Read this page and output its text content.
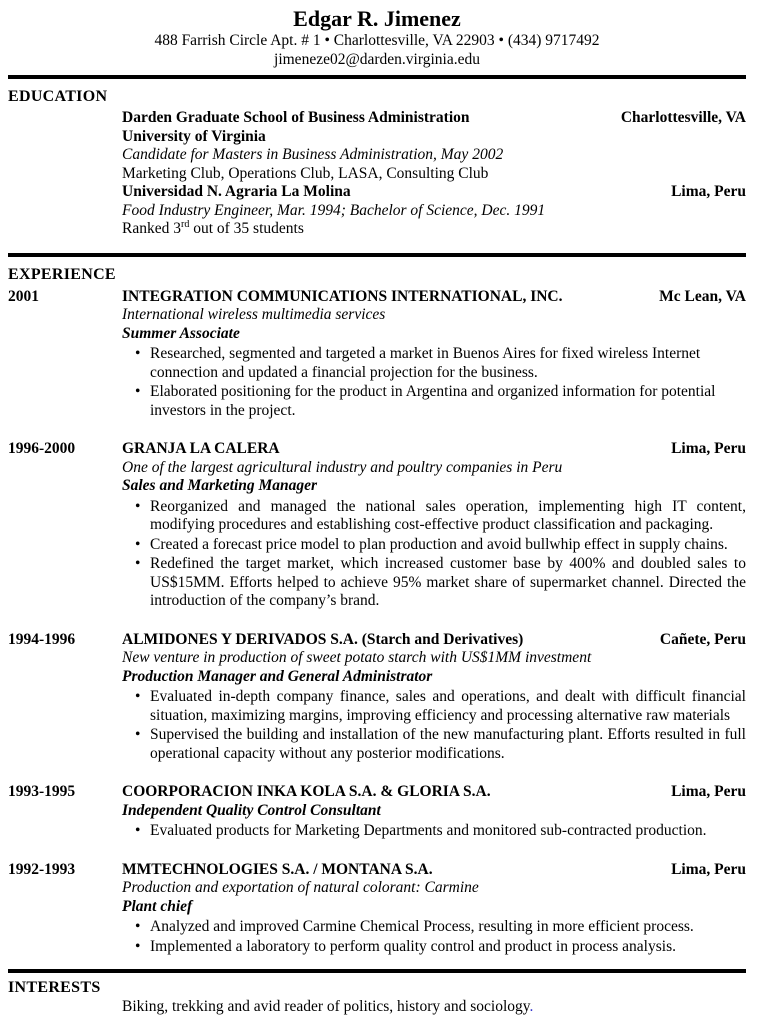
Edgar R. Jimenez
488 Farrish Circle Apt. # 1 • Charlottesville, VA 22903 • (434) 9717492
jimeneze02@darden.virginia.edu
EDUCATION
Darden Graduate School of Business Administration	Charlottesville, VA
University of Virginia
Candidate for Masters in Business Administration, May 2002
Marketing Club, Operations Club, LASA, Consulting Club
Universidad N. Agraria La Molina	Lima, Peru
Food Industry Engineer, Mar. 1994; Bachelor of Science, Dec. 1991
Ranked 3rd out of 35 students
EXPERIENCE
2001	INTEGRATION COMMUNICATIONS INTERNATIONAL, INC.	Mc Lean, VA
International wireless multimedia services
Summer Associate
• Researched, segmented and targeted a market in Buenos Aires for fixed wireless Internet connection and updated a financial projection for the business.
• Elaborated positioning for the product in Argentina and organized information for potential investors in the project.
1996-2000	GRANJA LA CALERA	Lima, Peru
One of the largest agricultural industry and poultry companies in Peru
Sales and Marketing Manager
• Reorganized and managed the national sales operation, implementing high IT content, modifying procedures and establishing cost-effective product classification and packaging.
• Created a forecast price model to plan production and avoid bullwhip effect in supply chains.
• Redefined the target market, which increased customer base by 400% and doubled sales to US$15MM. Efforts helped to achieve 95% market share of supermarket channel. Directed the introduction of the company’s brand.
1994-1996	ALMIDONES Y DERIVADOS S.A. (Starch and Derivatives)	Cañete, Peru
New venture in production of sweet potato starch with US$1MM investment
Production Manager and General Administrator
• Evaluated in-depth company finance, sales and operations, and dealt with difficult financial situation, maximizing margins, improving efficiency and processing alternative raw materials
• Supervised the building and installation of the new manufacturing plant. Efforts resulted in full operational capacity without any posterior modifications.
1993-1995	COORPORACION INKA KOLA S.A. & GLORIA S.A.	Lima, Peru
Independent Quality Control Consultant
• Evaluated products for Marketing Departments and monitored sub-contracted production.
1992-1993	MMTECHNOLOGIES S.A. / MONTANA S.A.	Lima, Peru
Production and exportation of natural colorant: Carmine
Plant chief
• Analyzed and improved Carmine Chemical Process, resulting in more efficient process.
• Implemented a laboratory to perform quality control and product in process analysis.
INTERESTS
Biking, trekking and avid reader of politics, history and sociology.
